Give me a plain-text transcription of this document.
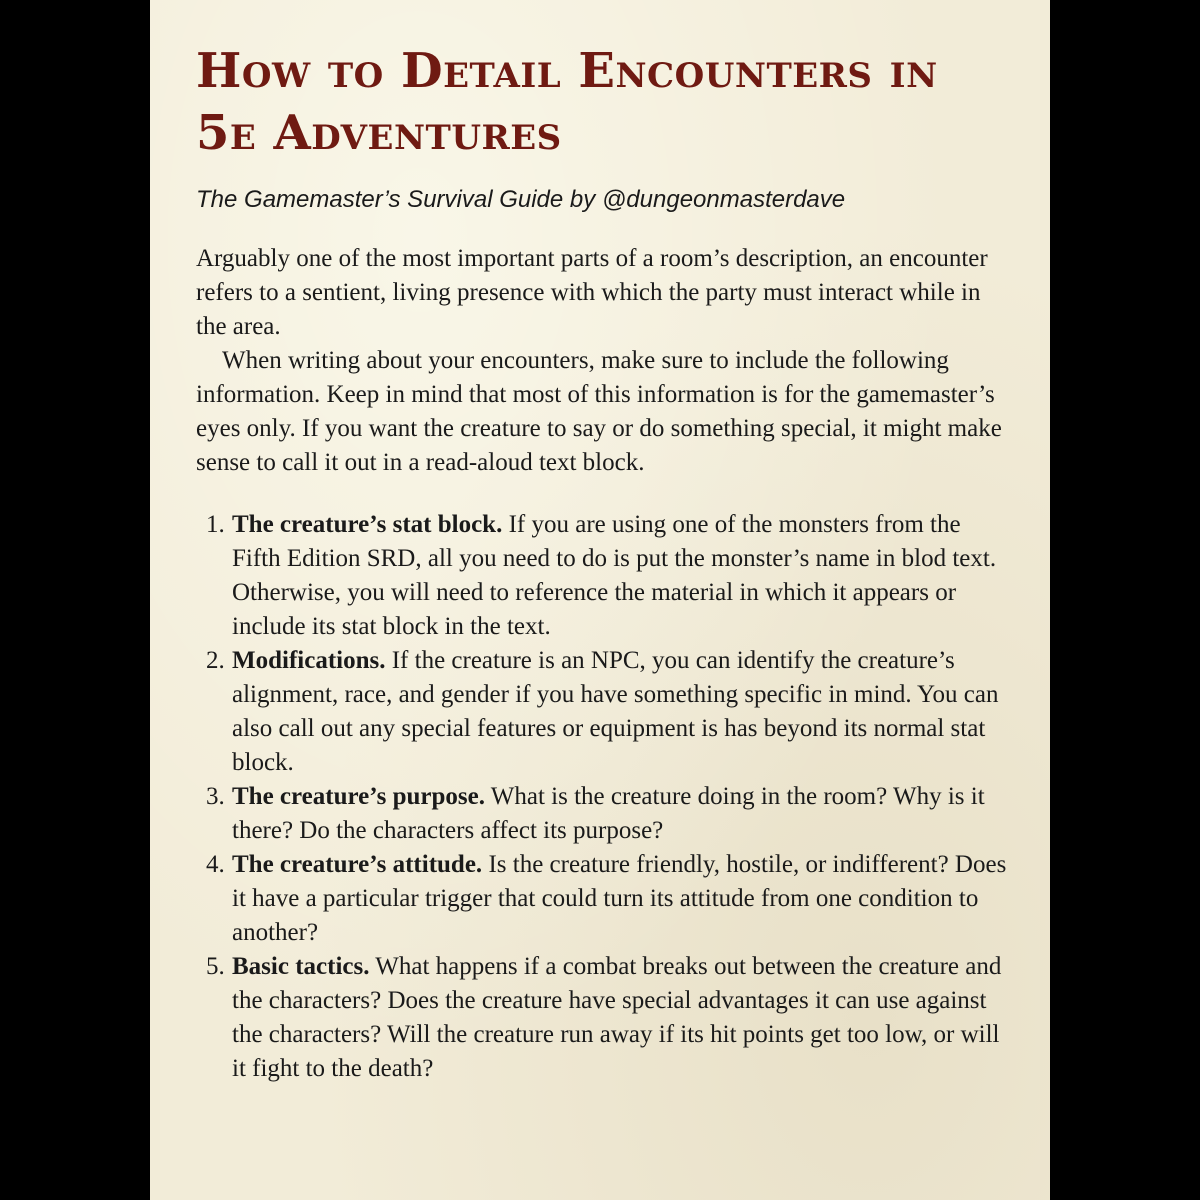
How to Detail Encounters in 5e Adventures
The Gamemaster’s Survival Guide by @dungeonmasterdave

Arguably one of the most important parts of a room’s description, an encounter refers to a sentient, living presence with which the party must interact while in the area.

When writing about your encounters, make sure to include the following information. Keep in mind that most of this information is for the gamemaster’s eyes only. If you want the creature to say or do something special, it might make sense to call it out in a read-aloud text block.

1. The creature’s stat block. If you are using one of the monsters from the Fifth Edition SRD, all you need to do is put the monster’s name in blod text. Otherwise, you will need to reference the material in which it appears or include its stat block in the text.
2. Modifications. If the creature is an NPC, you can identify the creature’s alignment, race, and gender if you have something specific in mind. You can also call out any special features or equipment is has beyond its normal stat block.
3. The creature’s purpose. What is the creature doing in the room? Why is it there? Do the characters affect its purpose?
4. The creature’s attitude. Is the creature friendly, hostile, or indifferent? Does it have a particular trigger that could turn its attitude from one condition to another?
5. Basic tactics. What happens if a combat breaks out between the creature and the characters? Does the creature have special advantages it can use against the characters? Will the creature run away if its hit points get too low, or will it fight to the death?
